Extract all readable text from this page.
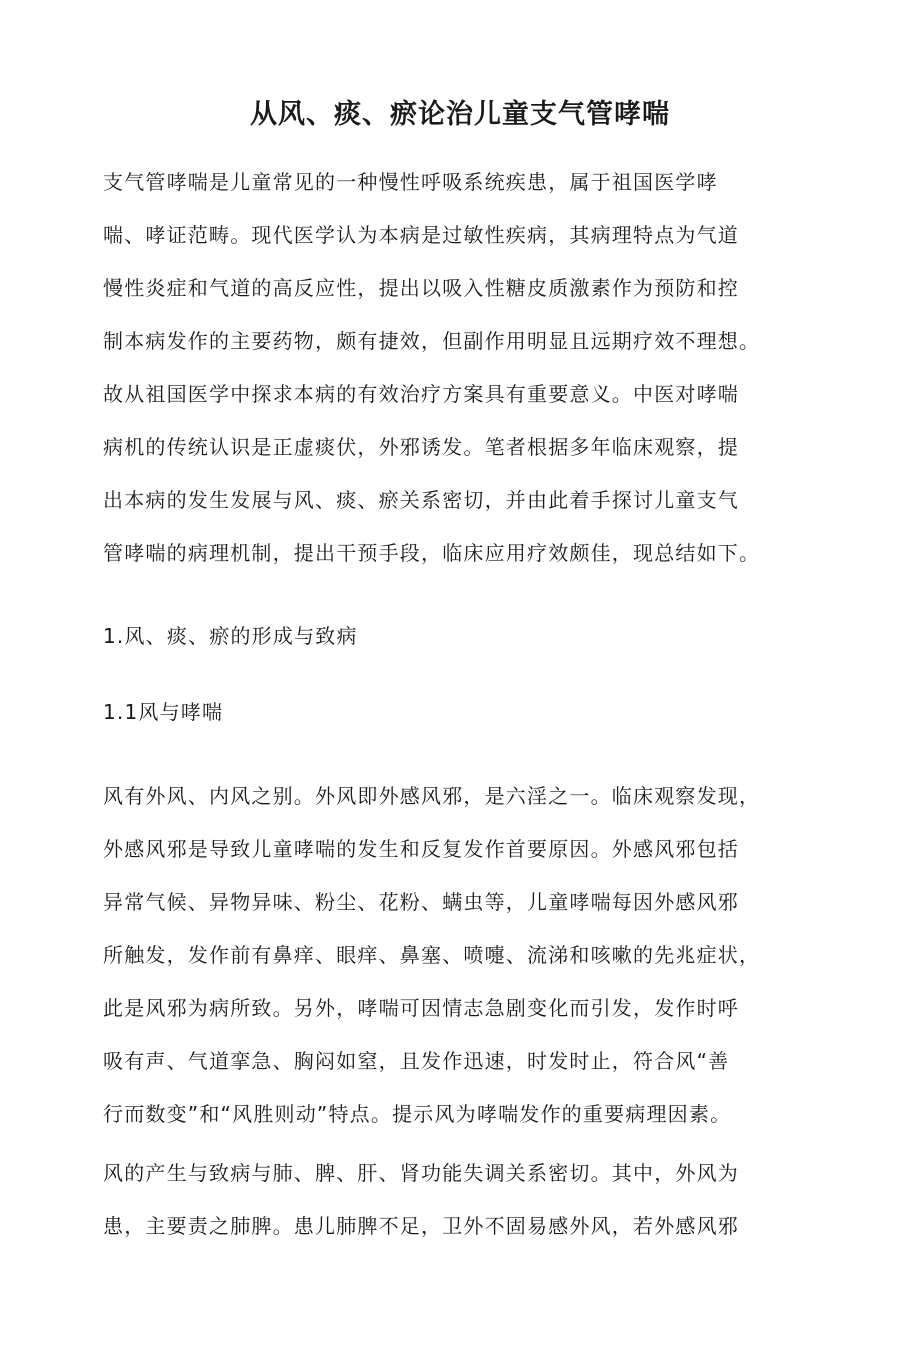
从风、痰、瘀论治儿童支气管哮喘
支气管哮喘是儿童常见的一种慢性呼吸系统疾患，属于祖国医学哮
喘、哮证范畴。现代医学认为本病是过敏性疾病，其病理特点为气道
慢性炎症和气道的高反应性，提出以吸入性糖皮质激素作为预防和控
制本病发作的主要药物，颇有捷效，但副作用明显且远期疗效不理想。
故从祖国医学中探求本病的有效治疗方案具有重要意义。中医对哮喘
病机的传统认识是正虚痰伏，外邪诱发。笔者根据多年临床观察，提
出本病的发生发展与风、痰、瘀关系密切，并由此着手探讨儿童支气
管哮喘的病理机制，提出干预手段，临床应用疗效颇佳，现总结如下。
1.风、痰、瘀的形成与致病
1.1风与哮喘
风有外风、内风之别。外风即外感风邪，是六淫之一。临床观察发现，
外感风邪是导致儿童哮喘的发生和反复发作首要原因。外感风邪包括
异常气候、异物异味、粉尘、花粉、螨虫等，儿童哮喘每因外感风邪
所触发，发作前有鼻痒、眼痒、鼻塞、喷嚏、流涕和咳嗽的先兆症状，
此是风邪为病所致。另外，哮喘可因情志急剧变化而引发，发作时呼
吸有声、气道挛急、胸闷如窒，且发作迅速，时发时止，符合风“善
行而数变”和“风胜则动”特点。提示风为哮喘发作的重要病理因素。
风的产生与致病与肺、脾、肝、肾功能失调关系密切。其中，外风为
患，主要责之肺脾。患儿肺脾不足，卫外不固易感外风，若外感风邪
